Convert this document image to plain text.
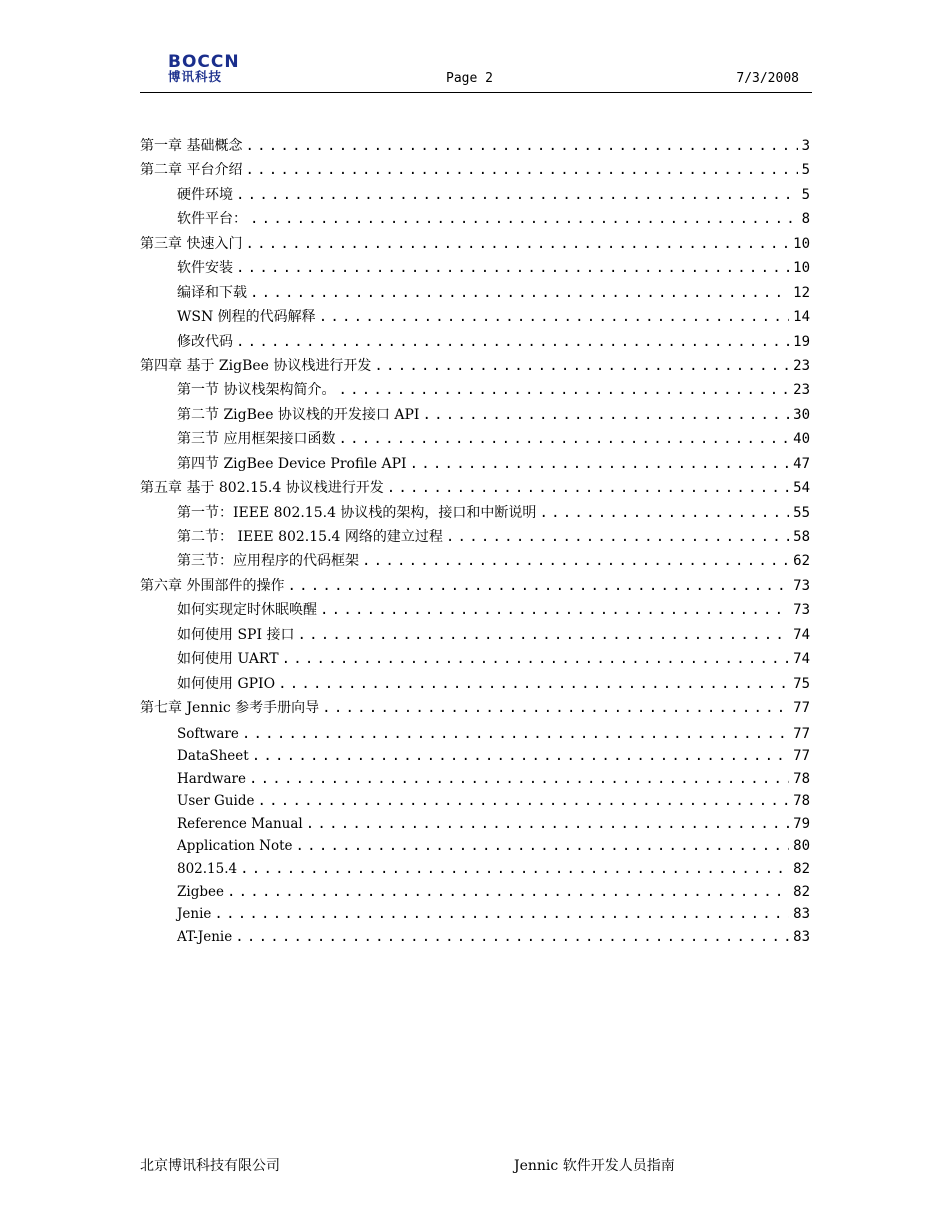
BOCCN
博讯科技	Page 2	7/3/2008
第一章 基础概念 . . .	3
第二章 平台介绍 . . .	5
硬件环境 . . .	5
软件平台： . . .	8
第三章 快速入门 . . .	10
软件安装 . . .	10
编译和下载 . . .	12
WSN 例程的代码解释 . . .	14
修改代码 . . .	19
第四章 基于 ZigBee 协议栈进行开发 . . .	23
第一节 协议栈架构简介。 . . .	23
第二节 ZigBee 协议栈的开发接口 API . . .	30
第三节 应用框架接口函数 . . .	40
第四节 ZigBee Device Profile API . . .	47
第五章 基于 802.15.4 协议栈进行开发 . . .	54
第一节：IEEE 802.15.4 协议栈的架构，接口和中断说明 . . .	55
第二节： IEEE 802.15.4 网络的建立过程 . . .	58
第三节：应用程序的代码框架 . . .	62
第六章 外围部件的操作 . . .	73
如何实现定时休眠唤醒 . . .	73
如何使用 SPI 接口 . . .	74
如何使用 UART . . .	74
如何使用 GPIO . . .	75
第七章 Jennic 参考手册向导 . . .	77
Software . . .	77
DataSheet . . .	77
Hardware . . .	78
User Guide . . .	78
Reference Manual . . .	79
Application Note . . .	80
802.15.4 . . .	82
Zigbee . . .	82
Jenie . . .	83
AT-Jenie . . .	83
北京博讯科技有限公司	Jennic 软件开发人员指南
